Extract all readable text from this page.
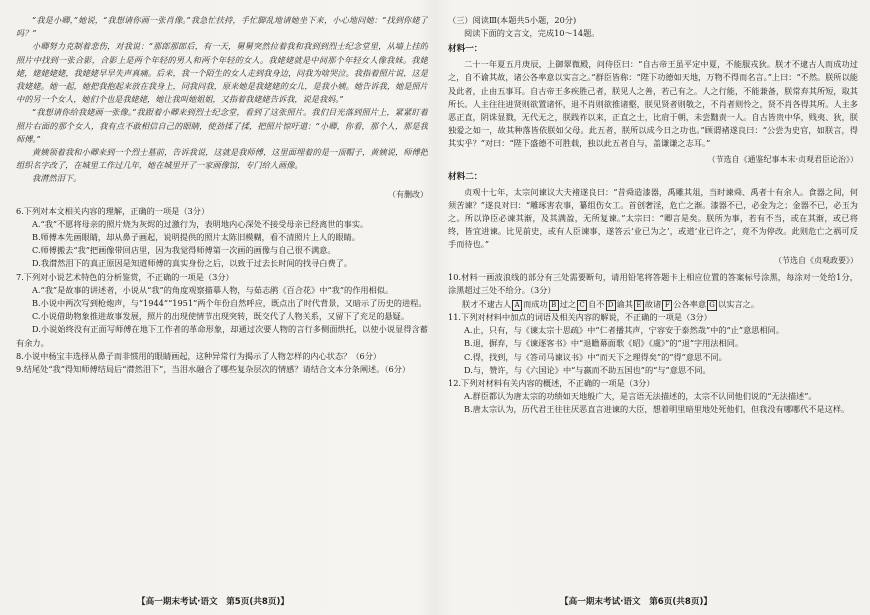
“我是小卿，”她说，“我想请你画一张肖像。”我急忙扶持，手忙脚乱地请她坐下来，小心地问她：“找到你姥了吗？”

小卿努力克制着悲伤，对我说：“那郎那郎后，有一天，舅舅突然拉着我和我到到烈士纪念堂里，从墙上挂的照片中找到一张合影，合影上是两个年轻的男人和两个年轻的女人。我姥姥就是中间那个年轻女人像我妹。我姥姥，姥姥姥姥，我姥姥早早失声真痛。后来，我一个陌生的女人走到我身边，问我为啥哭泣。我指着照片说，这是我姥姥。她一起，她把我抱起来放在我身上，同我问我，原来她是我姥姥的女儿，是我小姨。她告诉我，她是照片中的另一个女人，她们个也是我姥姥，她让我叫她姐姐，又指着我姥姥告诉我，说是我妈。”

“我想请你给我姥画一张像。”我跟着小卿来到烈士纪念堂，看到了这张照片。我们目光落到照片上，紧紧盯着照片右面的那个女人，我有点不敢相信自己的眼睛，使劲揉了揉，把照片惊吁道：“小卿，你看，那个人，那是我师傅。”

黄姨领着我和小卿来到一个烈士墓前，告诉我说，这就是我师傅，这里面埋着的是一顶帽子，黄姨说，师傅把组织名字改了，在城里工作过几年，她在城里开了一家画像馆，专门给人画像。

我潸然泪下。

（有删改）

6.下列对本文相关内容的理解，正确的一项是（3分）

A.“我”不愿将母亲的照片烧为灰烬的过激行为，表明地内心深处不接受母亲已经离世的事实。

B.师傅本先画眼睛，却从鼻子画起，说明提供的照片太陈旧模糊，看不清照片上人的眼睛。

C.师傅搬去“我”把画像带回店里，因为我觉得师傅第一次画的画像与自己很不满意。

D.我潸然泪下的真正原因是知道师傅的真实身份之后，以致于过去长时间的找寻白费了。

7.下列对小说艺术特色的分析鉴赏，不正确的一项是（3分）

A.“我”是故事的讲述者，小说从“我”的角度观察描摹人物，与茹志鹃《百合花》中“我”的作用相似。

B.小说中两次写到枪炮声，与“1944”“1951”两个年份自然呼应，既点出了时代背景，又暗示了历史的进程。

C.小说借助物象推进故事发展，照片的出现使情节出现突转，既交代了人物关系，又留下了充足的悬疑。

D.小说始终没有正面写师傅在地下工作者的革命形象，却通过次要人物的言行多侧面烘托，以使小说显得含蓄有余力。

8.小说中杨宝丰选择从鼻子而非惯用的眼睛画起，这种异常行为揭示了人物怎样的内心状态？（6分）

9.结尾处“我”得知师傅结局后“潸然泪下”，当泪水融合了哪些复杂层次的情感？请结合文本分条阐述。（6分）

（三）阅读Ⅲ(本题共5小题，20分)

阅读下面的文言文，完成10～14题。

材料一：

二十一年夏五月庚辰，上御翠微殿，问侍臣曰：“自古帝王虽平定中夏，不能服戎狄。朕才不逮古人而成功过之，自不谕其故，诸公各率意以实言之。”群臣皆称：“陛下功德如天地，万物不得而名言。”上曰：“不然。朕所以能及此者，止由五事耳。自古帝王多疾胜己者，朕见人之善，若己有之。人之行能，不能兼备，朕常弃其所短，取其所长。人主往往进贤则欲置诸怀，退不肖则欲推诸壑，朕见贤者则敬之，不肖者则怜之，贤不肖各得其所。人主多恶正直，阴诛显戮，无代无之，朕践祚以来，正直之士，比肩于朝，未尝黜责一人。自古皆贵中华，贱夷、狄，朕独爱之如一，故其种落皆依朕如父母。此五者，朕所以成今日之功也。”顾谓褚遂良曰：“公尝为史官，如朕言，得其实乎？”对曰：“陛下盛德不可胜载，独以此五者自与，盖谦谦之志耳。”

（节选自《通鉴纪事本末·贞观君臣论治》）

材料二：

贞观十七年，太宗问谏议大夫褚遂良曰：“昔舜造漆器，禹雕其俎，当时谏舜、禹者十有余人。食器之间，何须苦谏？”遂良对曰：“雕琢害农事，纂组伤女工。首创奢淫，危亡之渐。漆器不已，必金为之；金器不已，必玉为之。所以诤臣必谏其渐，及其满盈，无所复谏。”太宗曰：“卿言是矣。朕所为事，若有不当，或在其渐，或已将终，皆宜进谏。比见前史，或有人臣谏事，遂答云‘业已为之’，或道‘业已许之’，竟不为停改。此则危亡之祸可反手而待也。”

（节选自《贞观政要》）

10.材料一画波浪线的部分有三处需要断句，请用铅笔将答题卡上相应位置的答案标号涂黑，每涂对一处给1分，涂黑超过三处不给分。（3分）

朕才不逮古人 A 而成功 B 过之 C 自不 D 谕其 E 故诸 F 公各率意 G 以实言之。

11.下列对材料中加点的词语及相关内容的解说，不正确的一项是（3分）

A.止，只有，与《谏太宗十思疏》中“仁者播其声，宁容安于泰然哉”中的“止”意思相同。

B.退，摒弃，与《谏逐客书》中“退瞻幕面歌《昭》《虞》”的“退”字用法相同。

C.得，找到，与《答司马谏议书》中“而天下之理得矣”的“得”意思不同。

D.与，赞许，与《六国论》中“与嬴而不助五国也”的“与”意思不同。

12.下列对材料有关内容的概述，不正确的一项是（3分）

A.群臣都认为唐太宗的功绩如天地般广大，是言语无法描述的，太宗不认同他们说的“无法描述”。

B.唐太宗认为，历代君王往往厌恶直言进谏的大臣，想着明里暗里地处死他们，但我没有哪哪代不是这样。

【高一期末考试·语文　第5页(共8页)】	【高一期末考试·语文　第6页(共8页)】
